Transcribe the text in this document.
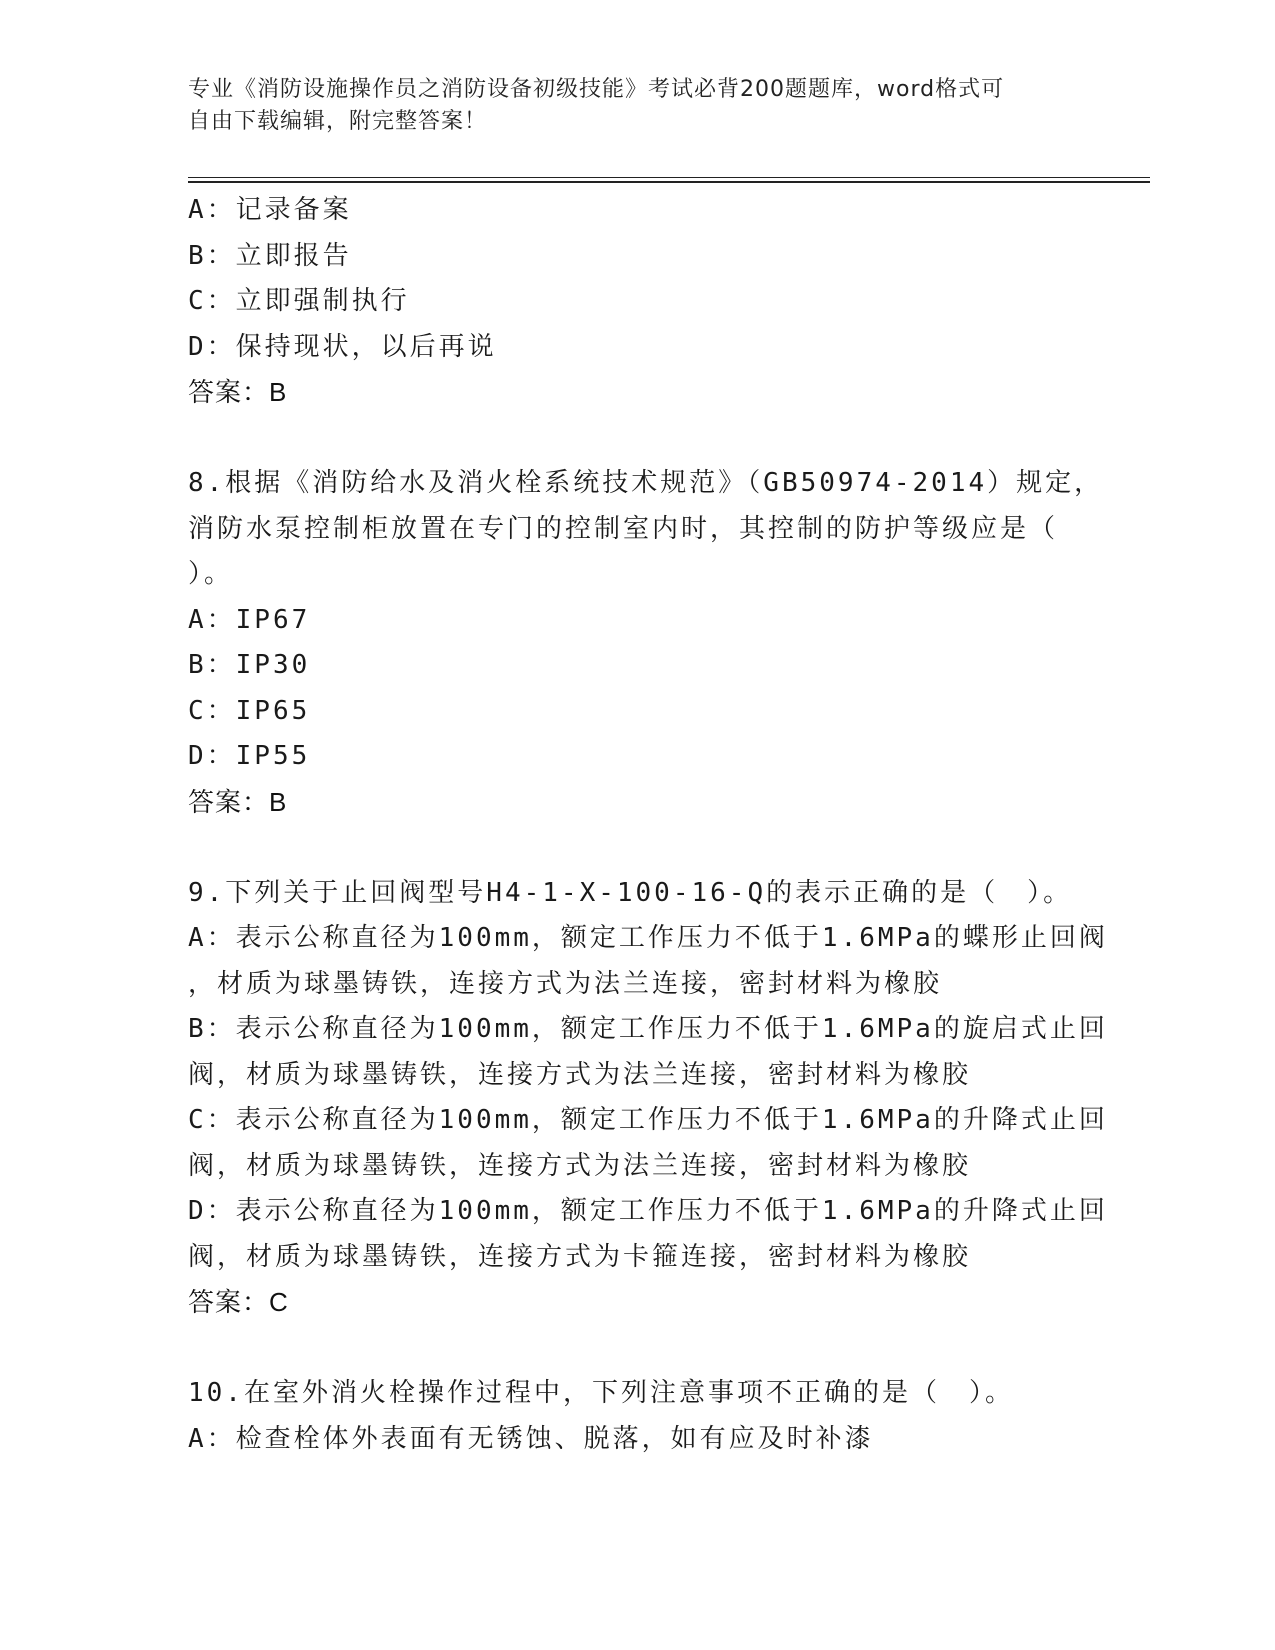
专业《消防设施操作员之消防设备初级技能》考试必背200题题库，word格式可
自由下载编辑，附完整答案！
A：记录备案
B：立即报告
C：立即强制执行
D：保持现状，以后再说
答案：B
8.根据《消防给水及消火栓系统技术规范》（GB50974-2014）规定，
消防水泵控制柜放置在专门的控制室内时，其控制的防护等级应是（
）。
A：IP67
B：IP30
C：IP65
D：IP55
答案：B
9.下列关于止回阀型号H4-1-X-100-16-Q的表示正确的是（　）。
A：表示公称直径为100mm，额定工作压力不低于1.6MPa的蝶形止回阀
，材质为球墨铸铁，连接方式为法兰连接，密封材料为橡胶
B：表示公称直径为100mm，额定工作压力不低于1.6MPa的旋启式止回
阀，材质为球墨铸铁，连接方式为法兰连接，密封材料为橡胶
C：表示公称直径为100mm，额定工作压力不低于1.6MPa的升降式止回
阀，材质为球墨铸铁，连接方式为法兰连接，密封材料为橡胶
D：表示公称直径为100mm，额定工作压力不低于1.6MPa的升降式止回
阀，材质为球墨铸铁，连接方式为卡箍连接，密封材料为橡胶
答案：C
10.在室外消火栓操作过程中，下列注意事项不正确的是（　）。
A：检查栓体外表面有无锈蚀、脱落，如有应及时补漆
